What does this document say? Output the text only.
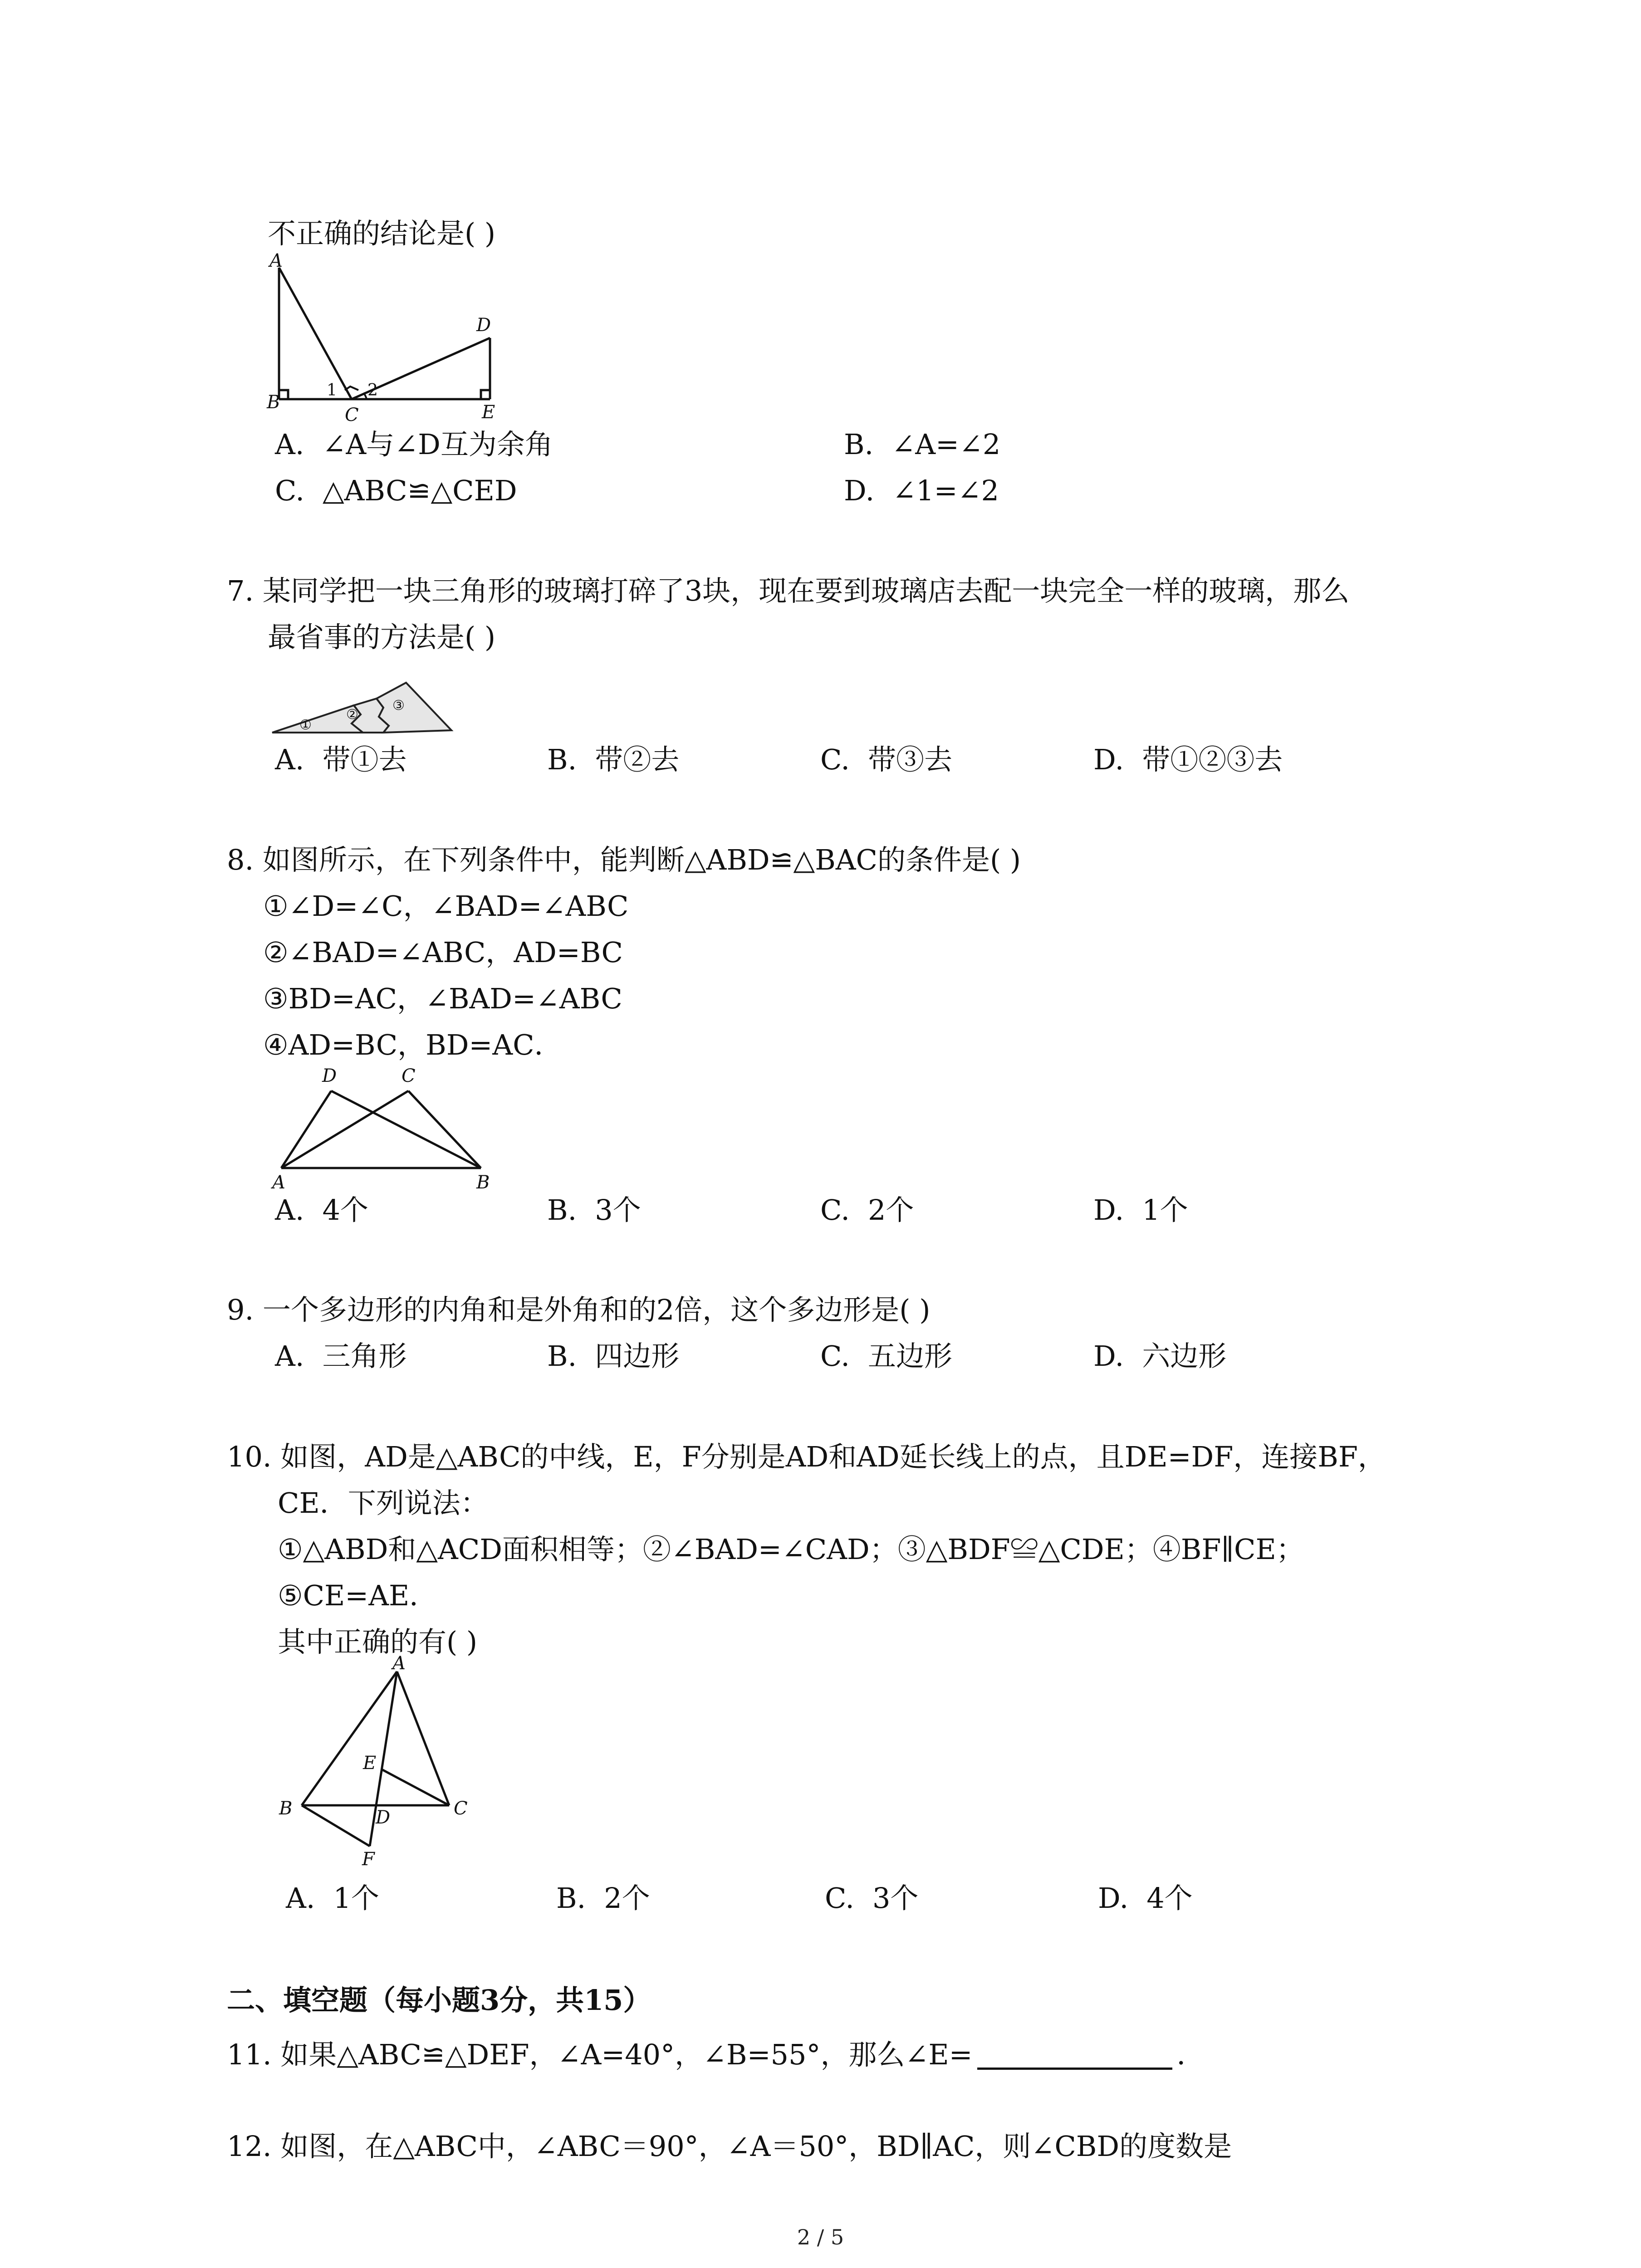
不正确的结论是( )
A
B
C
D
E
1 2
A. ∠A与∠D互为余角	B. ∠A=∠2
C. △ABC≌△CED	D. ∠1=∠2
7. 某同学把一块三角形的玻璃打碎了3块，现在要到玻璃店去配一块完全一样的玻璃，那么
最省事的方法是( )
①
②
③
A. 带①去	B. 带②去	C. 带③去	D. 带①②③去
8. 如图所示，在下列条件中，能判断△ABD≌△BAC的条件是( )
①∠D=∠C，∠BAD=∠ABC
②∠BAD=∠ABC，AD=BC
③BD=AC，∠BAD=∠ABC
④AD=BC，BD=AC．
D	C
A	B
A. 4个	B. 3个	C. 2个	D. 1个
9. 一个多边形的内角和是外角和的2倍，这个多边形是( )
A. 三角形	B. 四边形	C. 五边形	D. 六边形
10. 如图，AD是△ABC的中线，E，F分别是AD和AD延长线上的点，且DE=DF，连接BF，
CE．下列说法：
①△ABD和△ACD面积相等；②∠BAD=∠CAD；③△BDF≌△CDE；④BF∥CE；
⑤CE=AE．
其中正确的有( )
A
B	C
D
E
F
A. 1个	B. 2个	C. 3个	D. 4个
二、填空题（每小题3分，共15）
11. 如果△ABC≌△DEF，∠A=40°，∠B=55°，那么∠E=	．
12. 如图，在△ABC中，∠ABC＝90°，∠A＝50°，BD∥AC，则∠CBD的度数是
2 / 5
